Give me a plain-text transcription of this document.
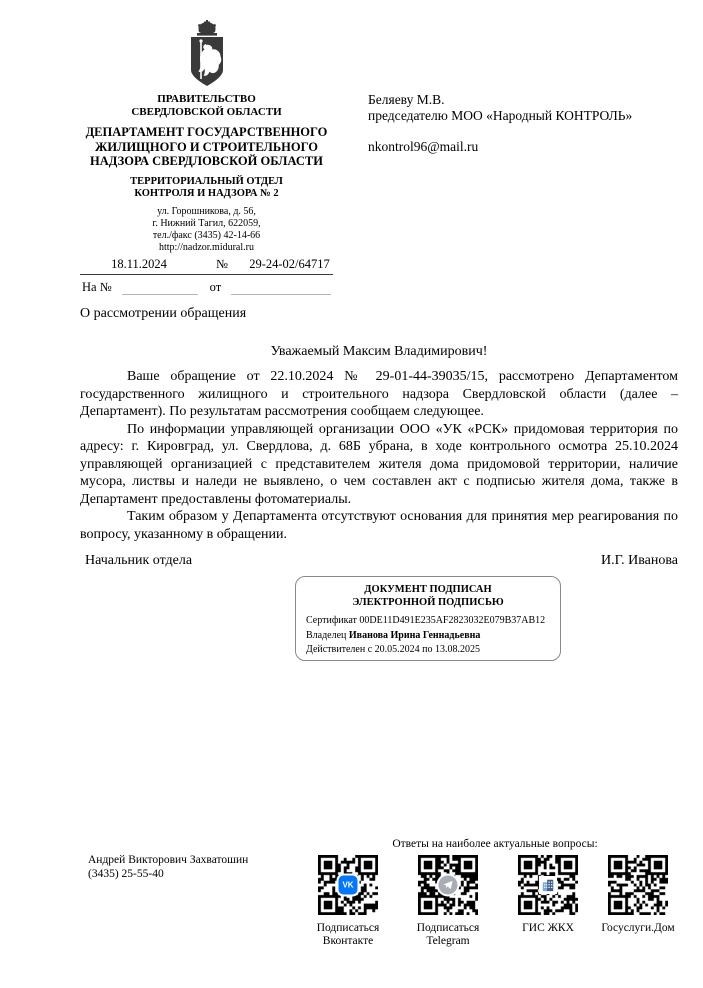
ПРАВИТЕЛЬСТВО
СВЕРДЛОВСКОЙ ОБЛАСТИ
ДЕПАРТАМЕНТ ГОСУДАРСТВЕННОГО
ЖИЛИЩНОГО И СТРОИТЕЛЬНОГО
НАДЗОРА СВЕРДЛОВСКОЙ ОБЛАСТИ
ТЕРРИТОРИАЛЬНЫЙ ОТДЕЛ
КОНТРОЛЯ И НАДЗОРА № 2
ул. Горошникова, д. 56,
г. Нижний Тагил, 622059,
тел./факс (3435) 42-14-66
http://nadzor.midural.ru
18.11.2024	№	29-24-02/64717
На №	от
Беляеву М.В.
председателю МОО «Народный КОНТРОЛЬ»
nkontrol96@mail.ru
О рассмотрении обращения
Уважаемый Максим Владимирович!

Ваше обращение от 22.10.2024 № 29-01-44-39035/15, рассмотрено Департаментом государственного жилищного и строительного надзора Свердловской области (далее – Департамент). По результатам рассмотрения сообщаем следующее.

По информации управляющей организации ООО «УК «РСК» придомовая территория по адресу: г. Кировград, ул. Свердлова, д. 68Б убрана, в ходе контрольного осмотра 25.10.2024 управляющей организацией с представителем жителя дома придомовой территории, наличие мусора, листвы и наледи не выявлено, о чем составлен акт с подписью жителя дома, также в Департамент предоставлены фотоматериалы.

Таким образом у Департамента отсутствуют основания для принятия мер реагирования по вопросу, указанному в обращении.

Начальник отдела	И.Г. Иванова
ДОКУМЕНТ ПОДПИСАН
ЭЛЕКТРОННОЙ ПОДПИСЬЮ
Сертификат 00DE11D491E235AF2823032E079B37AB12
Владелец Иванова Ирина Геннадьевна
Действителен с 20.05.2024 по 13.08.2025
Андрей Викторович Захватошин
(3435) 25-55-40
Ответы на наиболее актуальные вопросы:
VK
Подписаться
Вконтакте
Подписаться
Telegram
ГИС ЖКХ	Госуслуги.Дом
